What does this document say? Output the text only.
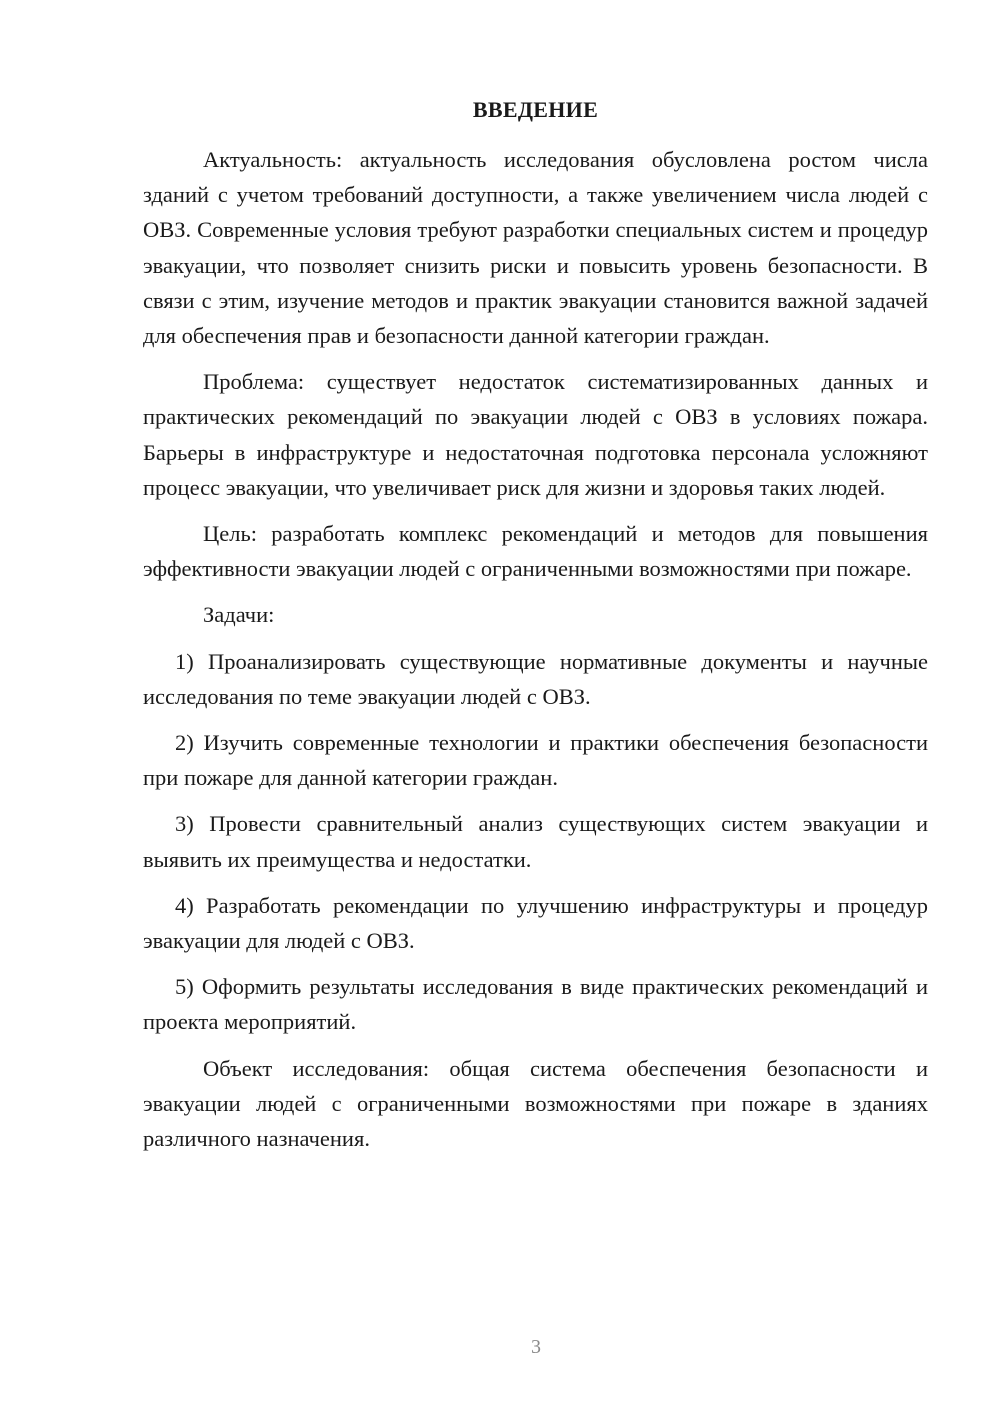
ВВЕДЕНИЕ

Актуальность: актуальность исследования обусловлена ростом числа зданий с учетом требований доступности, а также увеличением числа людей с ОВЗ. Современные условия требуют разработки специальных систем и процедур эвакуации, что позволяет снизить риски и повысить уровень безопасности. В связи с этим, изучение методов и практик эвакуации становится важной задачей для обеспечения прав и безопасности данной категории граждан.

Проблема: существует недостаток систематизированных данных и практических рекомендаций по эвакуации людей с ОВЗ в условиях пожара. Барьеры в инфраструктуре и недостаточная подготовка персонала усложняют процесс эвакуации, что увеличивает риск для жизни и здоровья таких людей.

Цель: разработать комплекс рекомендаций и методов для повышения эффективности эвакуации людей с ограниченными возможностями при пожаре.

Задачи:

1) Проанализировать существующие нормативные документы и научные исследования по теме эвакуации людей с ОВЗ.

2) Изучить современные технологии и практики обеспечения безопасности при пожаре для данной категории граждан.

3) Провести сравнительный анализ существующих систем эвакуации и выявить их преимущества и недостатки.

4) Разработать рекомендации по улучшению инфраструктуры и процедур эвакуации для людей с ОВЗ.

5) Оформить результаты исследования в виде практических рекомендаций и проекта мероприятий.

Объект исследования: общая система обеспечения безопасности и эвакуации людей с ограниченными возможностями при пожаре в зданиях различного назначения.

3
